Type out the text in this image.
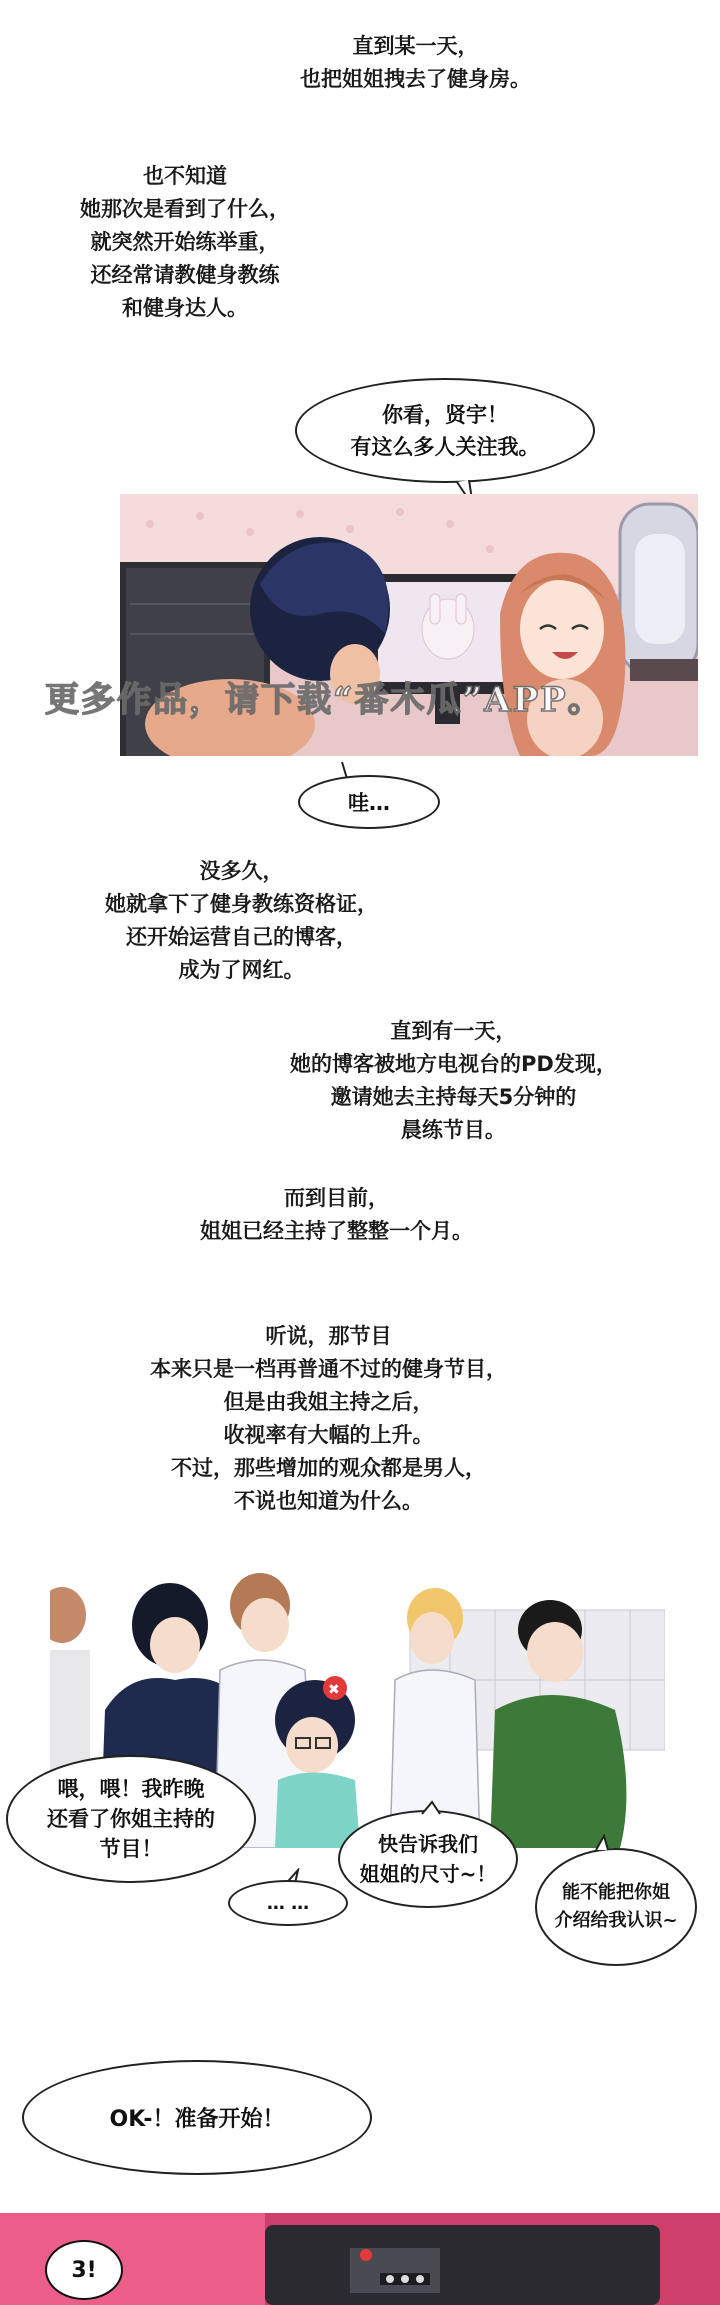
直到某一天，
也把姐姐拽去了健身房。
也不知道
她那次是看到了什么，
就突然开始练举重，
还经常请教健身教练
和健身达人。
你看，贤宇！
有这么多人关注我。
更多作品，请下载“番木瓜”APP。
哇…
没多久，
她就拿下了健身教练资格证，
还开始运营自己的博客，
成为了网红。
直到有一天，
她的博客被地方电视台的PD发现，
邀请她去主持每天5分钟的
晨练节目。
而到目前，
姐姐已经主持了整整一个月。
听说，那节目
本来只是一档再普通不过的健身节目，
但是由我姐主持之后，
收视率有大幅的上升。
不过，那些增加的观众都是男人，
不说也知道为什么。
✖
喂，喂！我昨晚
还看了你姐主持的
节目！	快告诉我们
姐姐的尺寸~！
能不能把你姐
介绍给我认识~
… …
OK-！准备开始！
3!
